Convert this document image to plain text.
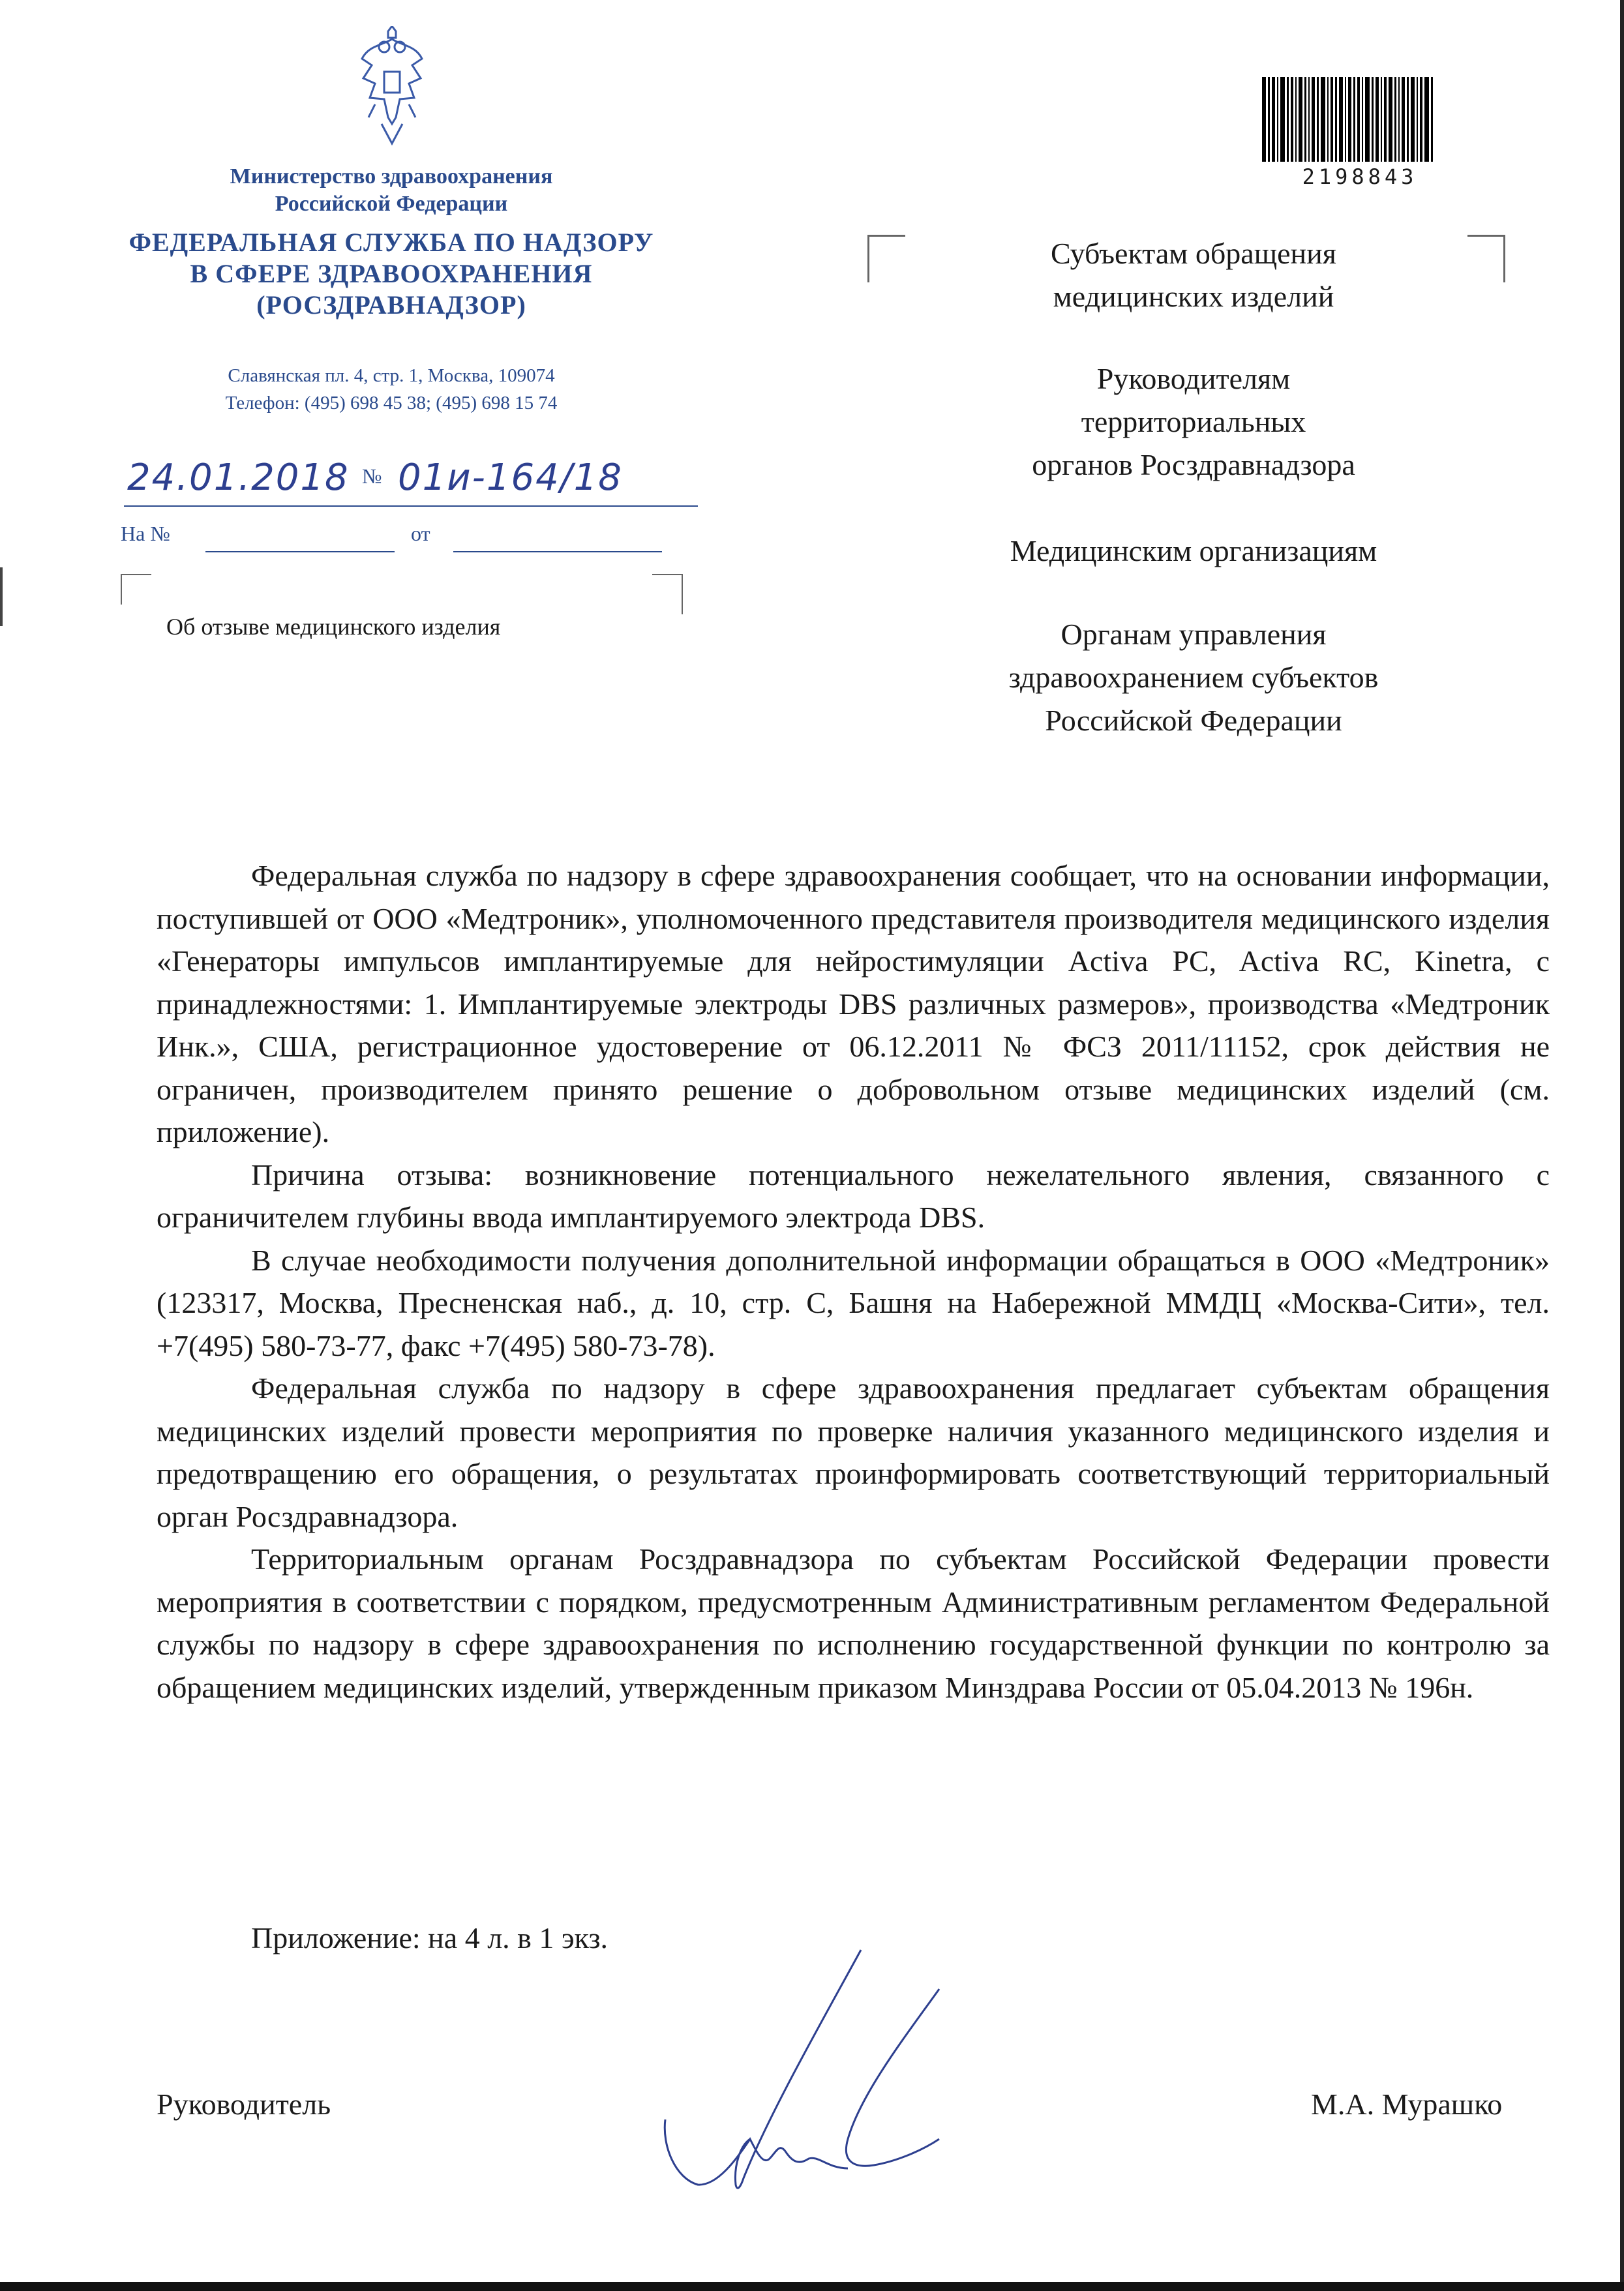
Министерство здравоохранения
Российской Федерации
ФЕДЕРАЛЬНАЯ СЛУЖБА ПО НАДЗОРУ
В СФЕРЕ ЗДРАВООХРАНЕНИЯ
(РОСЗДРАВНАДЗОР)
Славянская пл. 4, стр. 1, Москва, 109074
Телефон: (495) 698 45 38; (495) 698 15 74
24.01.2018 № 01и-164/18
На №	от
Об отзыве медицинского изделия
2198843
Субъектам обращения
медицинских изделий
Руководителям
территориальных
органов Росздравнадзора
Медицинским организациям
Органам управления
здравоохранением субъектов
Российской Федерации

Федеральная служба по надзору в сфере здравоохранения сообщает, что на основании информации, поступившей от ООО «Медтроник», уполномоченного представителя производителя медицинского изделия «Генераторы импульсов имплантируемые для нейростимуляции Activa PC, Activa RC, Kinetra, с принадлежностями: 1. Имплантируемые электроды DBS различных размеров», производства «Медтроник Инк.», США, регистрационное удостоверение от 06.12.2011 № ФСЗ 2011/11152, срок действия не ограничен, производителем принято решение о добровольном отзыве медицинских изделий (см. приложение).

Причина отзыва: возникновение потенциального нежелательного явления, связанного с ограничителем глубины ввода имплантируемого электрода DBS.

В случае необходимости получения дополнительной информации обращаться в ООО «Медтроник» (123317, Москва, Пресненская наб., д. 10, стр. С, Башня на Набережной ММДЦ «Москва-Сити», тел. +7(495) 580-73-77, факс +7(495) 580-73-78).

Федеральная служба по надзору в сфере здравоохранения предлагает субъектам обращения медицинских изделий провести мероприятия по проверке наличия указанного медицинского изделия и предотвращению его обращения, о результатах проинформировать соответствующий территориальный орган Росздравнадзора.

Территориальным органам Росздравнадзора по субъектам Российской Федерации провести мероприятия в соответствии с порядком, предусмотренным Административным регламентом Федеральной службы по надзору в сфере здравоохранения по исполнению государственной функции по контролю за обращением медицинских изделий, утвержденным приказом Минздрава России от 05.04.2013 № 196н.

Приложение: на 4 л. в 1 экз.
Руководитель	М.А. Мурашко
